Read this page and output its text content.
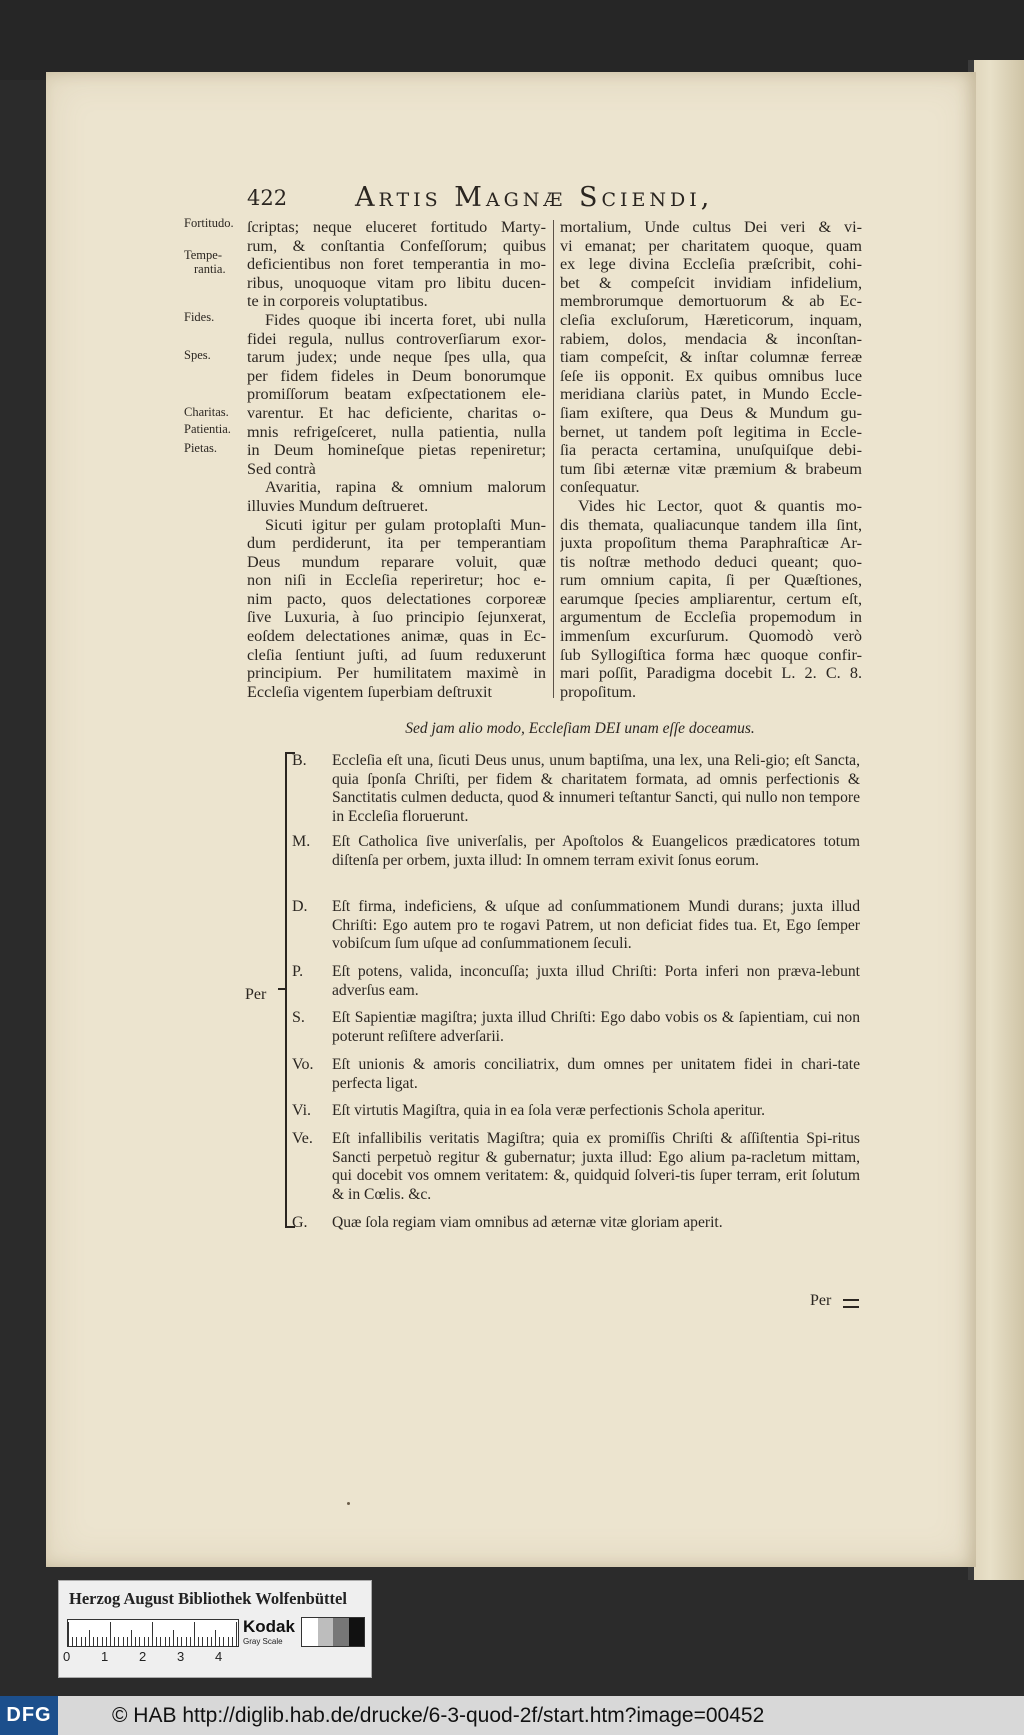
422	Artis Magnæ Sciendi,
Fortitudo.
Tempe-
rantia.
Fides.
Spes.
Charitas.
Patientia.
Pietas.
ſcriptas; neque eluceret fortitudo Marty-
rum, & conſtantia Confeſſorum; quibus
deficientibus non foret temperantia in mo-
ribus, unoquoque vitam pro libitu ducen-
te in corporeis voluptatibus.
Fides quoque ibi incerta foret, ubi nulla
fidei regula, nullus controverſiarum exor-
tarum judex; unde neque ſpes ulla, qua
per fidem fideles in Deum bonorumque
promiſſorum beatam exſpectationem ele-
varentur. Et hac deficiente, charitas o-
mnis refrigeſceret, nulla patientia, nulla
in Deum homineſque pietas repeniretur;
Sed contrà
Avaritia, rapina & omnium malorum
illuvies Mundum deſtrueret.
Sicuti igitur per gulam protoplaſti Mun-
dum perdiderunt, ita per temperantiam
Deus mundum reparare voluit, quæ
non niſi in Eccleſia reperiretur; hoc e-
nim pacto, quos delectationes corporeæ
ſive Luxuria, à ſuo principio ſejunxerat,
eoſdem delectationes animæ, quas in Ec-
cleſia ſentiunt juſti, ad ſuum reduxerunt
principium. Per humilitatem maximè in
Eccleſia vigentem ſuperbiam deſtruxit
mortalium, Unde cultus Dei veri & vi-
vi emanat; per charitatem quoque, quam
ex lege divina Eccleſia præſcribit, cohi-
bet & compeſcit invidiam infidelium,
membrorumque demortuorum & ab Ec-
cleſia excluſorum, Hæreticorum, inquam,
rabiem, dolos, mendacia & inconſtan-
tiam compeſcit, & inſtar columnæ ferreæ
ſeſe iis opponit. Ex quibus omnibus luce
meridiana clariùs patet, in Mundo Eccle-
ſiam exiſtere, qua Deus & Mundum gu-
bernet, ut tandem poſt legitima in Eccle-
ſia peracta certamina, unuſquiſque debi-
tum ſibi æternæ vitæ præmium & brabeum
conſequatur.
Vides hic Lector, quot & quantis mo-
dis themata, qualiacunque tandem illa ſint,
juxta propoſitum thema Paraphraſticæ Ar-
tis noſtræ methodo deduci queant; quo-
rum omnium capita, ſi per Quæſtiones,
earumque ſpecies ampliarentur, certum eſt,
argumentum de Eccleſia propemodum in
immenſum excurſurum. Quomodò verò
ſub Syllogiſtica forma hæc quoque confir-
mari poſſit, Paradigma docebit L. 2. C. 8.
propoſitum.
Sed jam alio modo, Eccleſiam DEI unam eſſe doceamus.
Per
B.	Eccleſia eſt una, ſicuti Deus unus, unum baptiſma, una lex, una Reli-gio; eſt Sancta, quia ſponſa Chriſti, per fidem & charitatem formata, ad omnis perfectionis & Sanctitatis culmen deducta, quod & innumeri teſtantur Sancti, qui nullo non tempore in Eccleſia floruerunt.
M.	Eſt Catholica ſive univerſalis, per Apoſtolos & Euangelicos prædicatores totum diſtenſa per orbem, juxta illud: In omnem terram exivit ſonus eorum.
D.	Eſt firma, indeficiens, & uſque ad conſummationem Mundi durans; juxta illud Chriſti: Ego autem pro te rogavi Patrem, ut non deficiat fides tua. Et, Ego ſemper vobiſcum ſum uſque ad conſummationem ſeculi.
P.	Eſt potens, valida, inconcuſſa; juxta illud Chriſti: Porta inferi non præva-lebunt adverſus eam.
S.	Eſt Sapientiæ magiſtra; juxta illud Chriſti: Ego dabo vobis os & ſapientiam, cui non poterunt reſiſtere adverſarii.
Vo.	Eſt unionis & amoris conciliatrix, dum omnes per unitatem fidei in chari-tate perfecta ligat.
Vi.	Eſt virtutis Magiſtra, quia in ea ſola veræ perfectionis Schola aperitur.
Ve.	Eſt infallibilis veritatis Magiſtra; quia ex promiſſis Chriſti & aſſiſtentia Spi-ritus Sancti perpetuò regitur & gubernatur; juxta illud: Ego alium pa-racletum mittam, qui docebit vos omnem veritatem: &, quidquid ſolveri-tis ſuper terram, erit ſolutum & in Cœlis. &c.
G.	Quæ ſola regiam viam omnibus ad æternæ vitæ gloriam aperit.
Per
Herzog August Bibliothek Wolfenbüttel
0 1 2 3 4
Kodak
Gray Scale
DFG	© HAB http://diglib.hab.de/drucke/6-3-quod-2f/start.htm?image=00452
